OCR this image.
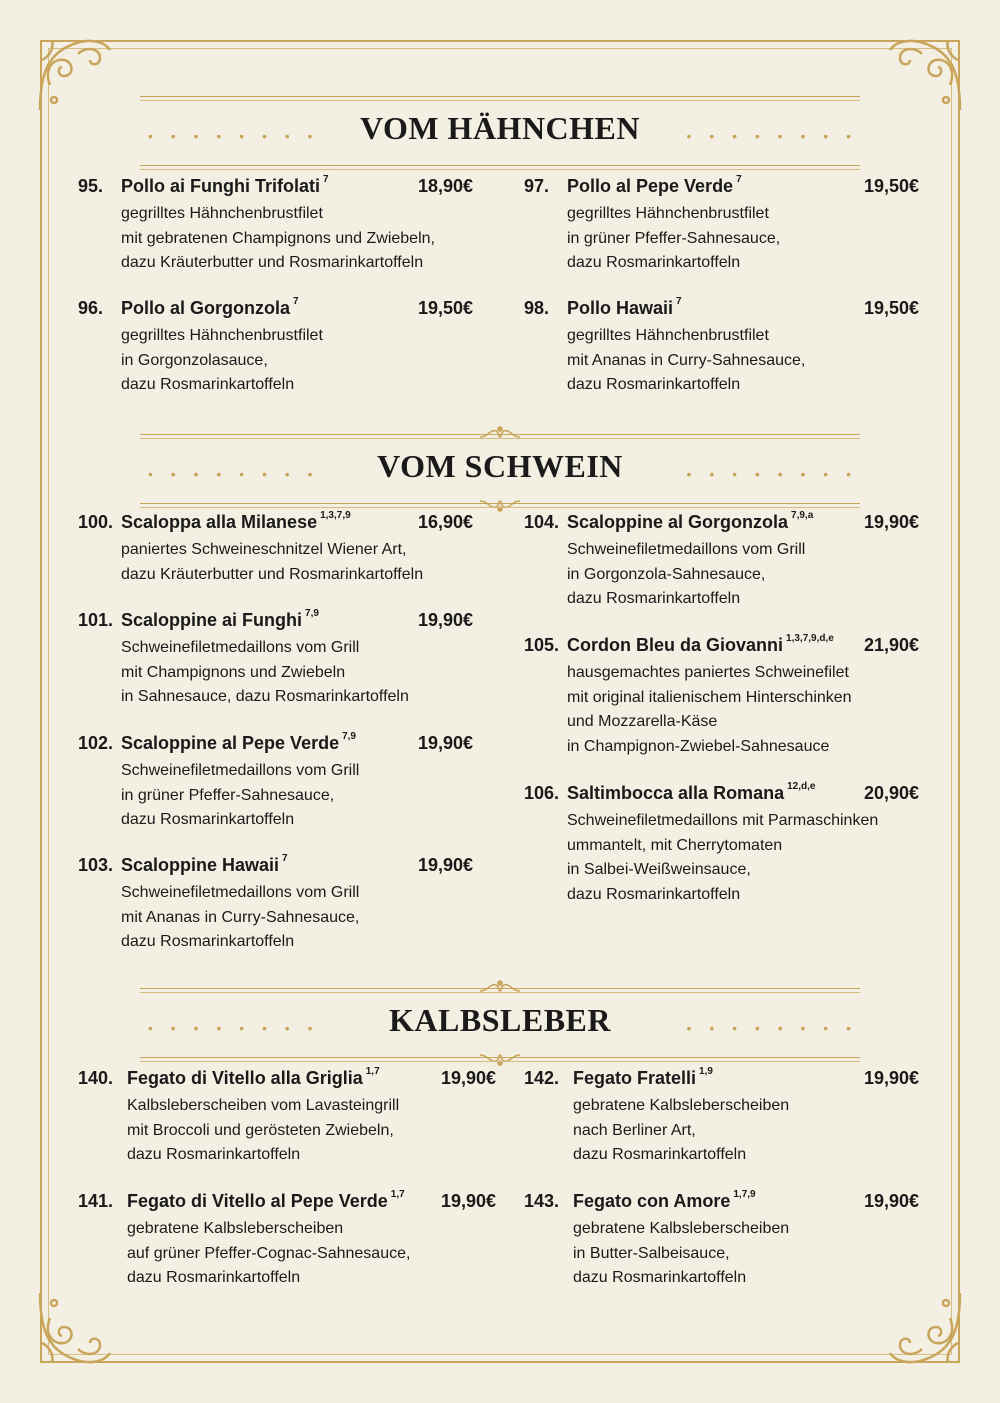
• • • • • • • •	VOM HÄHNCHEN	• • • • • • • •
95. Pollo ai Funghi Trifolati $^7$	18,90€
gegrilltes Hähnchenbrustfilet
mit gebratenen Champignons und Zwiebeln,
dazu Kräuterbutter und Rosmarinkartoffeln
96. Pollo al Gorgonzola $^7$	19,50€
gegrilltes Hähnchenbrustfilet
in Gorgonzolasauce,
dazu Rosmarinkartoffeln
97. Pollo al Pepe Verde $^7$	19,50€
gegrilltes Hähnchenbrustfilet
in grüner Pfeffer-Sahnesauce,
dazu Rosmarinkartoffeln
98. Pollo Hawaii $^7$	19,50€
gegrilltes Hähnchenbrustfilet
mit Ananas in Curry-Sahnesauce,
dazu Rosmarinkartoffeln
• • • • • • • •	VOM SCHWEIN	• • • • • • • •
100. Scaloppa alla Milanese $^{1,3,7,9}$	16,90€
paniertes Schweineschnitzel Wiener Art,
dazu Kräuterbutter und Rosmarinkartoffeln
101. Scaloppine ai Funghi $^{7,9}$	19,90€
Schweinefiletmedaillons vom Grill
mit Champignons und Zwiebeln
in Sahnesauce, dazu Rosmarinkartoffeln
102. Scaloppine al Pepe Verde $^{7,9}$	19,90€
Schweinefiletmedaillons vom Grill
in grüner Pfeffer-Sahnesauce,
dazu Rosmarinkartoffeln
103. Scaloppine Hawaii $^7$	19,90€
Schweinefiletmedaillons vom Grill
mit Ananas in Curry-Sahnesauce,
dazu Rosmarinkartoffeln
104. Scaloppine al Gorgonzola $^{7,9,a}$	19,90€
Schweinefiletmedaillons vom Grill
in Gorgonzola-Sahnesauce,
dazu Rosmarinkartoffeln
105. Cordon Bleu da Giovanni $^{1,3,7,9,d,e}$ 21,90€
hausgemachtes paniertes Schweinefilet
mit original italienischem Hinterschinken
und Mozzarella-Käse
in Champignon-Zwiebel-Sahnesauce
106. Saltimbocca alla Romana $^{12,d,e}$	20,90€
Schweinefiletmedaillons mit Parmaschinken
ummantelt, mit Cherrytomaten
in Salbei-Weißweinsauce,
dazu Rosmarinkartoffeln
• • • • • • • •	KALBSLEBER	• • • • • • • •
140. Fegato di Vitello alla Griglia $^{1,7}$	19,90€
Kalbsleberscheiben vom Lavasteingrill
mit Broccoli und gerösteten Zwiebeln,
dazu Rosmarinkartoffeln
141. Fegato di Vitello al Pepe Verde $^{1,7}$ 19,90€
gebratene Kalbsleberscheiben
auf grüner Pfeffer-Cognac-Sahnesauce,
dazu Rosmarinkartoffeln
142. Fegato Fratelli $^{1,9}$	19,90€
gebratene Kalbsleberscheiben
nach Berliner Art,
dazu Rosmarinkartoffeln
143. Fegato con Amore $^{1,7,9}$	19,90€
gebratene Kalbsleberscheiben
in Butter-Salbeisauce,
dazu Rosmarinkartoffeln
